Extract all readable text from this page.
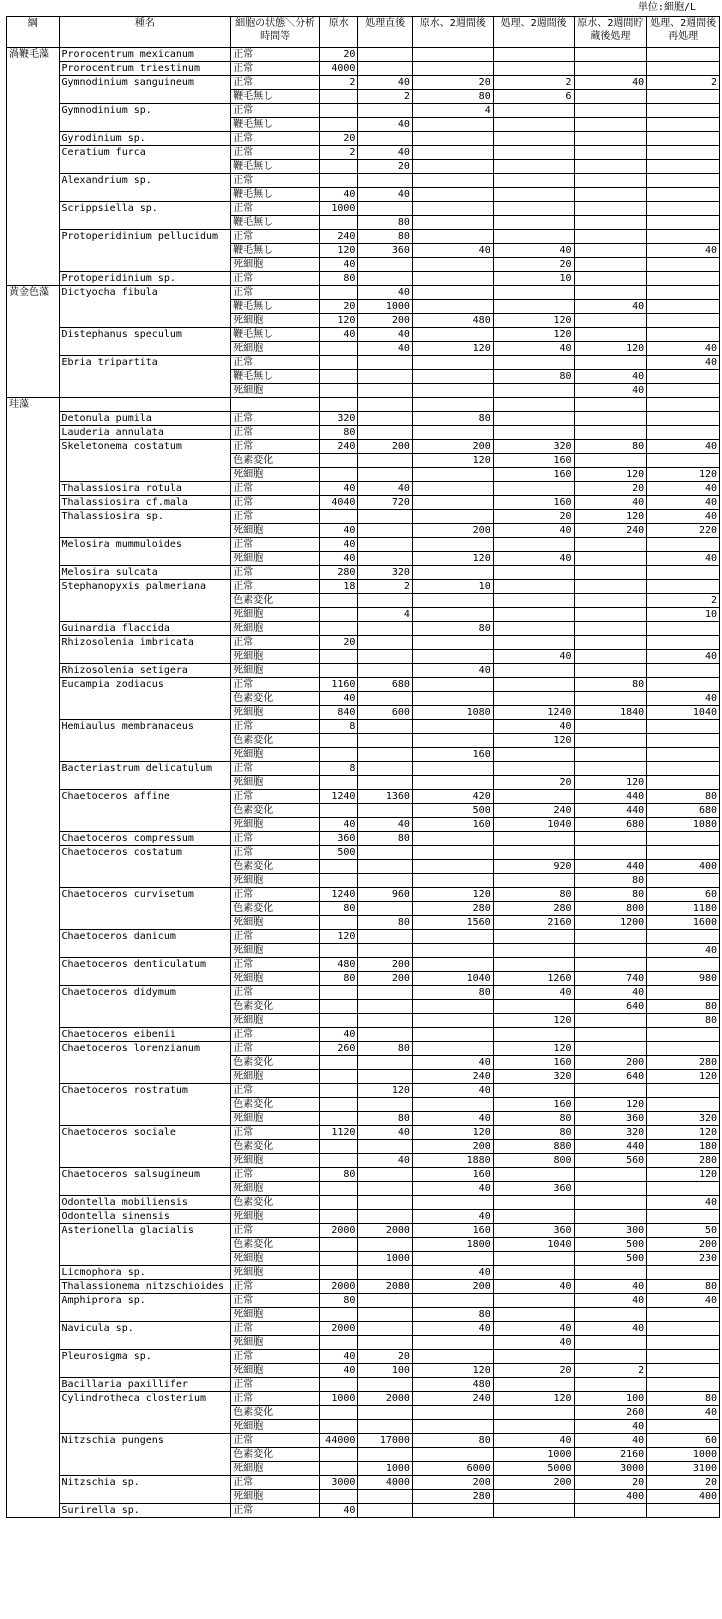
単位:細胞/L
綱	種名	細胞の状態＼分析時間等	原水	処理直後	原水、2週間後	処理、2週間後	原水、2週間貯蔵後処理	処理、2週間後再処理
渦鞭毛藻	Prorocentrum mexicanum	正常	20					
	Prorocentrum triestinum	正常	4000					
	Gymnodinium sanguineum	正常	2	40	20	2	40	2
		鞭毛無し		2	80	6		
	Gymnodinium sp.	正常			4			
		鞭毛無し		40				
	Gyrodinium sp.	正常	20					
	Ceratium furca	正常	2	40				
		鞭毛無し		20				
	Alexandrium sp.	正常						
		鞭毛無し	40	40				
	Scrippsiella sp.	正常	1000					
		鞭毛無し		80				
	Protoperidinium pellucidum	正常	240	80				
		鞭毛無し	120	360	40	40		40
		死細胞	40			20		
	Protoperidinium sp.	正常	80			10		
黄金色藻	Dictyocha fibula	正常		40				
		鞭毛無し	20	1000			40	
		死細胞	120	200	480	120		
	Distephanus speculum	鞭毛無し	40	40		120		
		死細胞		40	120	40	120	40
	Ebria tripartita	正常						40
		鞭毛無し				80	40	
		死細胞					40	
珪藻								
	Detonula pumila	正常	320		80			
	Lauderia annulata	正常	80					
	Skeletonema costatum	正常	240	200	200	320	80	40
		色素変化			120	160		
		死細胞				160	120	120
	Thalassiosira rotula	正常	40	40			20	40
	Thalassiosira cf.mala	正常	4040	720		160	40	40
	Thalassiosira sp.	正常				20	120	40
		死細胞	40		200	40	240	220
	Melosira mummuloides	正常	40					
		死細胞	40		120	40		40
	Melosira sulcata	正常	280	320				
	Stephanopyxis palmeriana	正常	18	2	10			
		色素変化						2
		死細胞		4				10
	Guinardia flaccida	死細胞			80			
	Rhizosolenia imbricata	正常	20					
		死細胞				40		40
	Rhizosolenia setigera	死細胞			40			
	Eucampia zodiacus	正常	1160	680			80	
		色素変化	40					40
		死細胞	840	600	1080	1240	1840	1040
	Hemiaulus membranaceus	正常	8			40		
		色素変化				120		
		死細胞			160			
	Bacteriastrum delicatulum	正常	8					
		死細胞				20	120	
	Chaetoceros affine	正常	1240	1360	420		440	80
		色素変化			500	240	440	680
		死細胞	40	40	160	1040	680	1080
	Chaetoceros compressum	正常	360	80				
	Chaetoceros costatum	正常	500					
		色素変化				920	440	400
		死細胞					80	
	Chaetoceros curvisetum	正常	1240	960	120	80	80	60
		色素変化	80		280	280	800	1180
		死細胞		80	1560	2160	1200	1600
	Chaetoceros danicum	正常	120					
		死細胞						40
	Chaetoceros denticulatum	正常	480	200				
		死細胞	80	200	1040	1260	740	980
	Chaetoceros didymum	正常			80	40	40	
		色素変化					640	80
		死細胞				120		80
	Chaetoceros eibenii	正常	40					
	Chaetoceros lorenzianum	正常	260	80		120		
		色素変化			40	160	200	280
		死細胞			240	320	640	120
	Chaetoceros rostratum	正常		120	40			
		色素変化				160	120	
		死細胞		80	40	80	360	320
	Chaetoceros sociale	正常	1120	40	120	80	320	120
		色素変化			200	880	440	180
		死細胞		40	1880	800	560	280
	Chaetoceros salsugineum	正常	80		160			120
		死細胞			40	360		
	Odontella mobiliensis	色素変化						40
	Odontella sinensis	死細胞			40			
	Asterionella glacialis	正常	2000	2000	160	360	300	50
		色素変化			1800	1040	500	200
		死細胞		1000			500	230
	Licmophora sp.	死細胞			40			
	Thalassionema nitzschioides	正常	2000	2080	200	40	40	80
	Amphiprora sp.	正常	80				40	40
		死細胞			80			
	Navicula sp.	正常	2000		40	40	40	
		死細胞				40		
	Pleurosigma sp.	正常	40	20				
		死細胞	40	100	120	20	2	
	Bacillaria paxillifer	正常			480			
	Cylindrotheca closterium	正常	1000	2000	240	120	100	80
		色素変化					260	40
		死細胞					40	
	Nitzschia pungens	正常	44000	17000	80	40	40	60
		色素変化				1000	2160	1000
		死細胞		1000	6000	5000	3000	3100
	Nitzschia sp.	正常	3000	4000	200	200	20	20
		死細胞			280		400	400
	Surirella sp.	正常	40					
